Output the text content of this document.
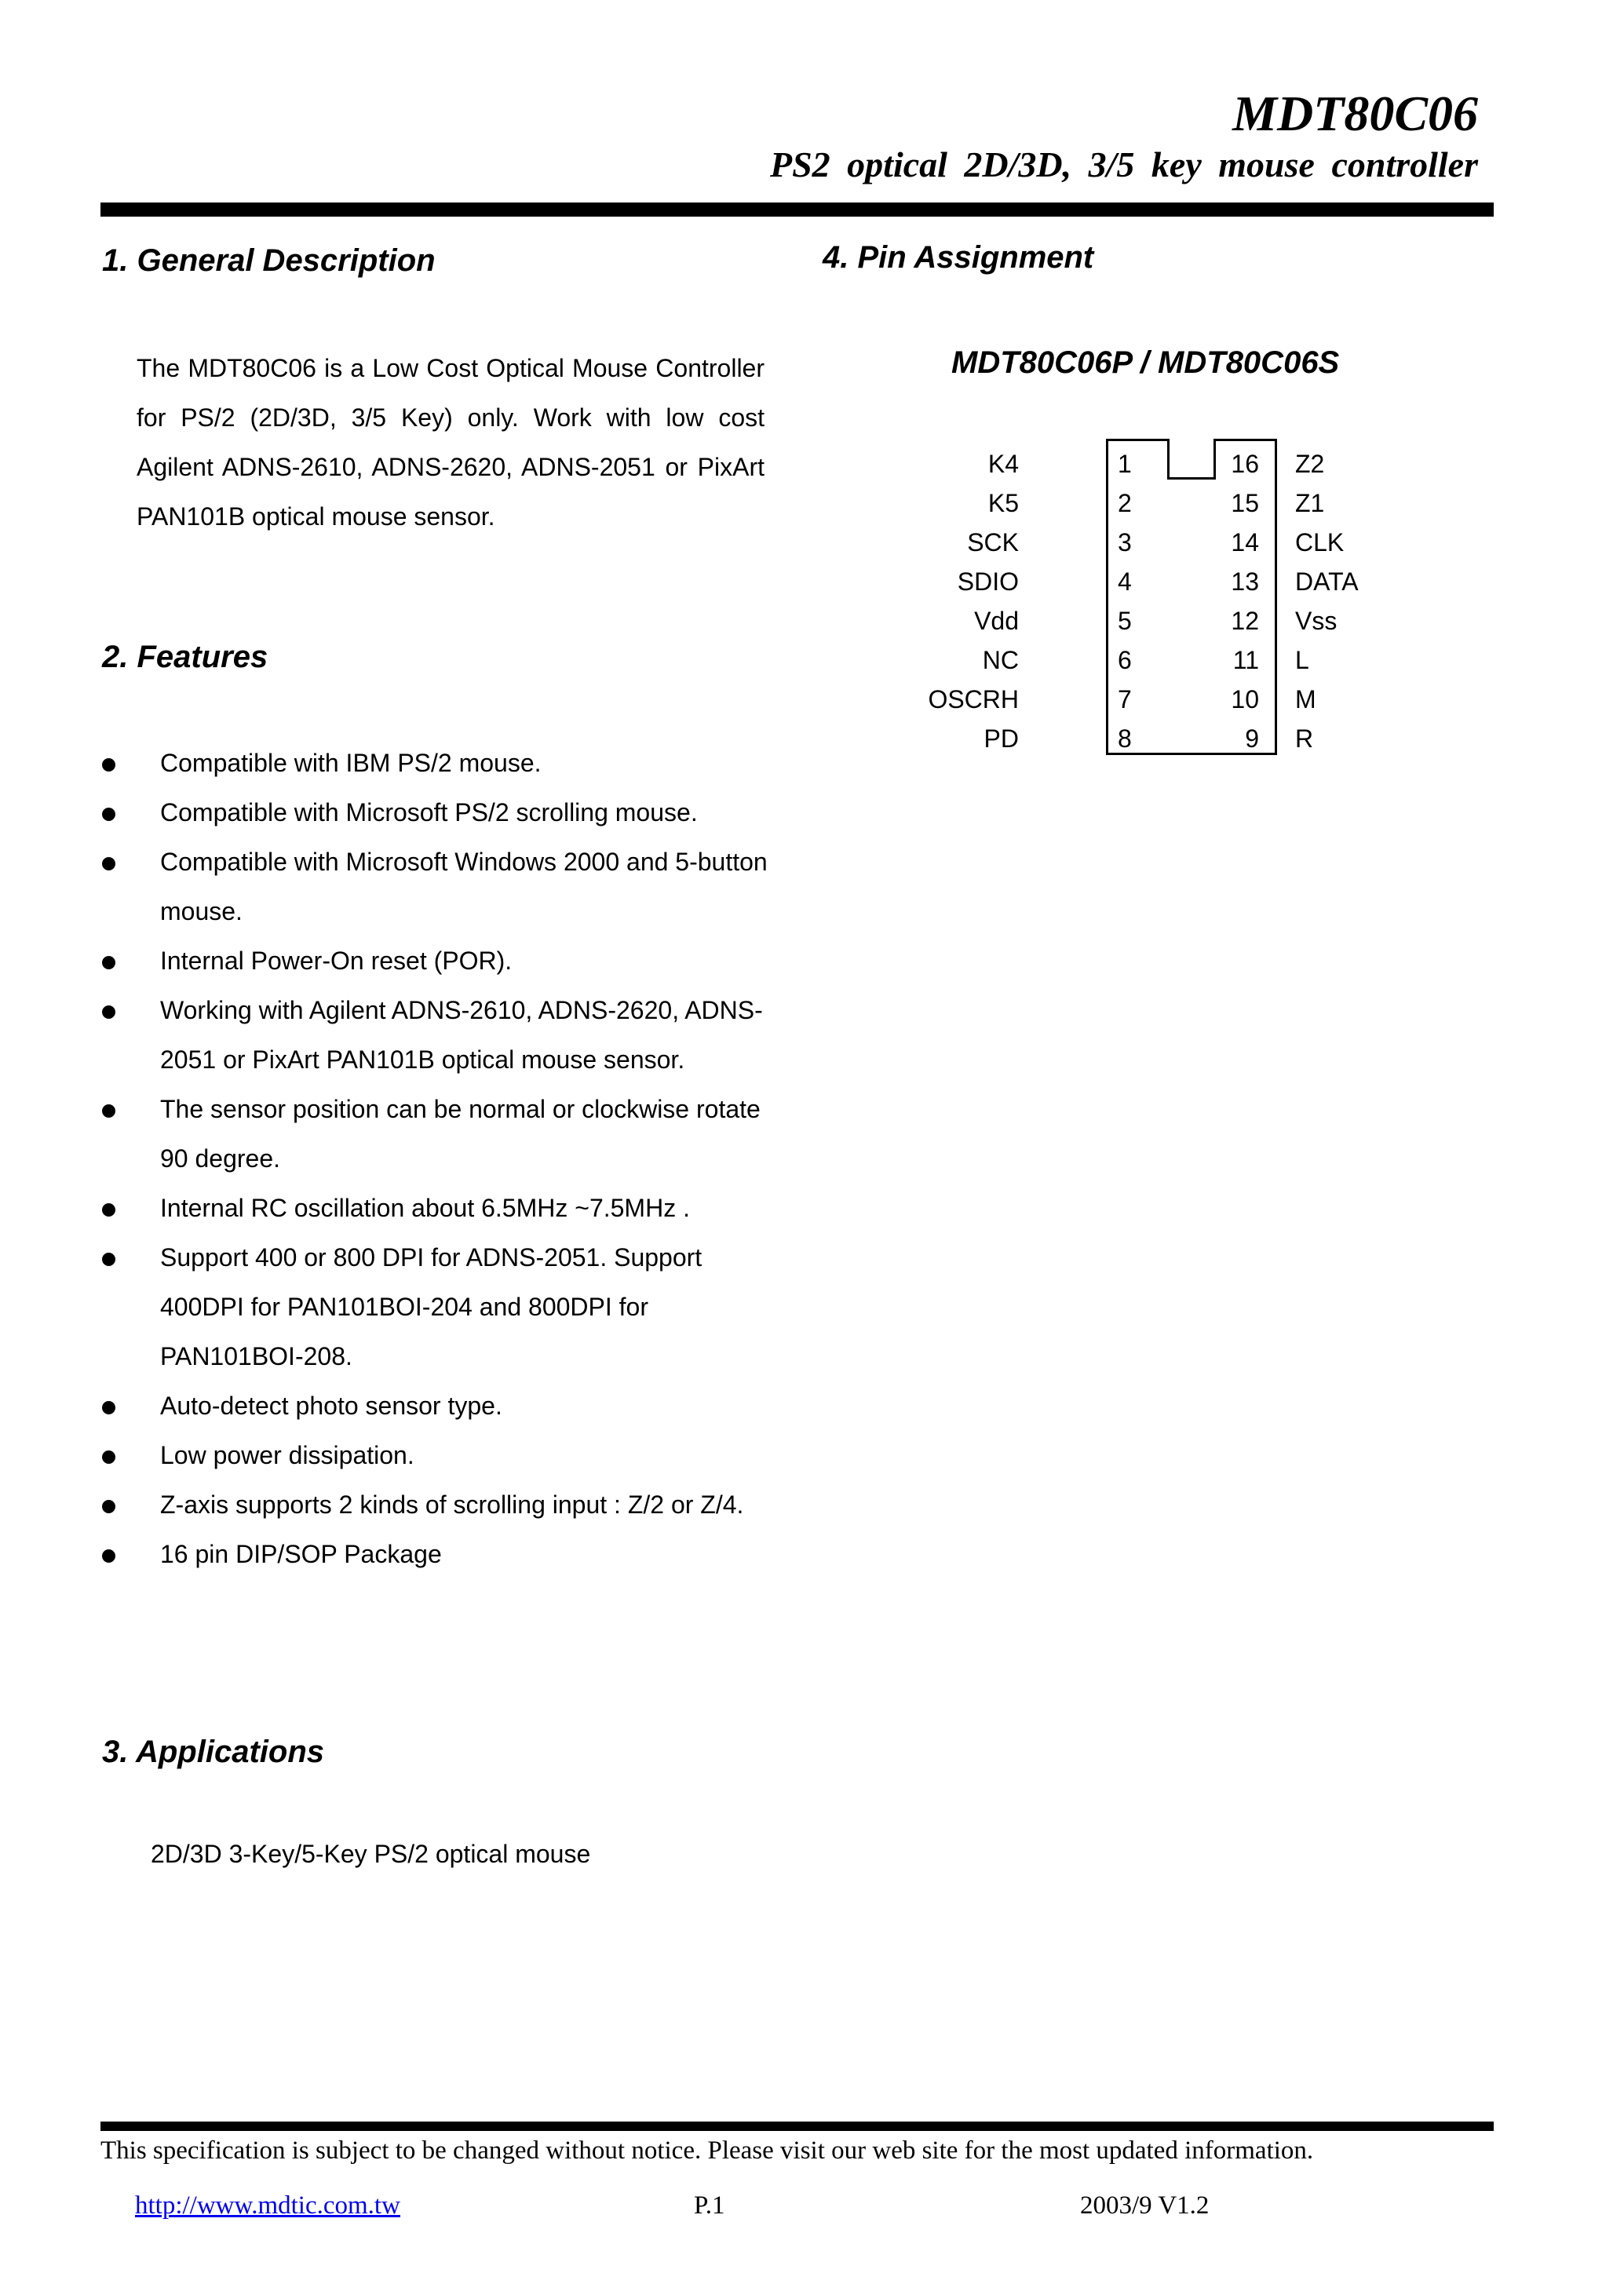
MDT80C06
PS2 optical 2D/3D, 3/5 key mouse controller
1. General Description

The MDT80C06 is a Low Cost Optical Mouse Controller for PS/2 (2D/3D, 3/5 Key) only. Work with low cost Agilent ADNS-2610, ADNS-2620, ADNS-2051 or PixArt PAN101B optical mouse sensor.

2. Features
Compatible with IBM PS/2 mouse.
Compatible with Microsoft PS/2 scrolling mouse.
Compatible with Microsoft Windows 2000 and 5-button mouse.
Internal Power-On reset (POR).
Working with Agilent ADNS-2610, ADNS-2620, ADNS-2051 or PixArt PAN101B optical mouse sensor.
The sensor position can be normal or clockwise rotate 90 degree.
Internal RC oscillation about 6.5MHz ~7.5MHz .
Support 400 or 800 DPI for ADNS-2051. Support 400DPI for PAN101BOI-204 and 800DPI for PAN101BOI-208.
Auto-detect photo sensor type.
Low power dissipation.
Z-axis supports 2 kinds of scrolling input : Z/2 or Z/4.
16 pin DIP/SOP Package
3. Applications
2D/3D 3-Key/5-Key PS/2 optical mouse
4. Pin Assignment
MDT80C06P / MDT80C06S
K4	1	16 Z2
K5	2	15 Z1
SCK	3	14 CLK
SDIO	4	13 DATA
Vdd	5	12 Vss
NC	6	11 L
OSCRH	7	10 M
PD	8	9 R
This specification is subject to be changed without notice. Please visit our web site for the most updated information.
http://www.mdtic.com.tw	P.1	2003/9 V1.2
